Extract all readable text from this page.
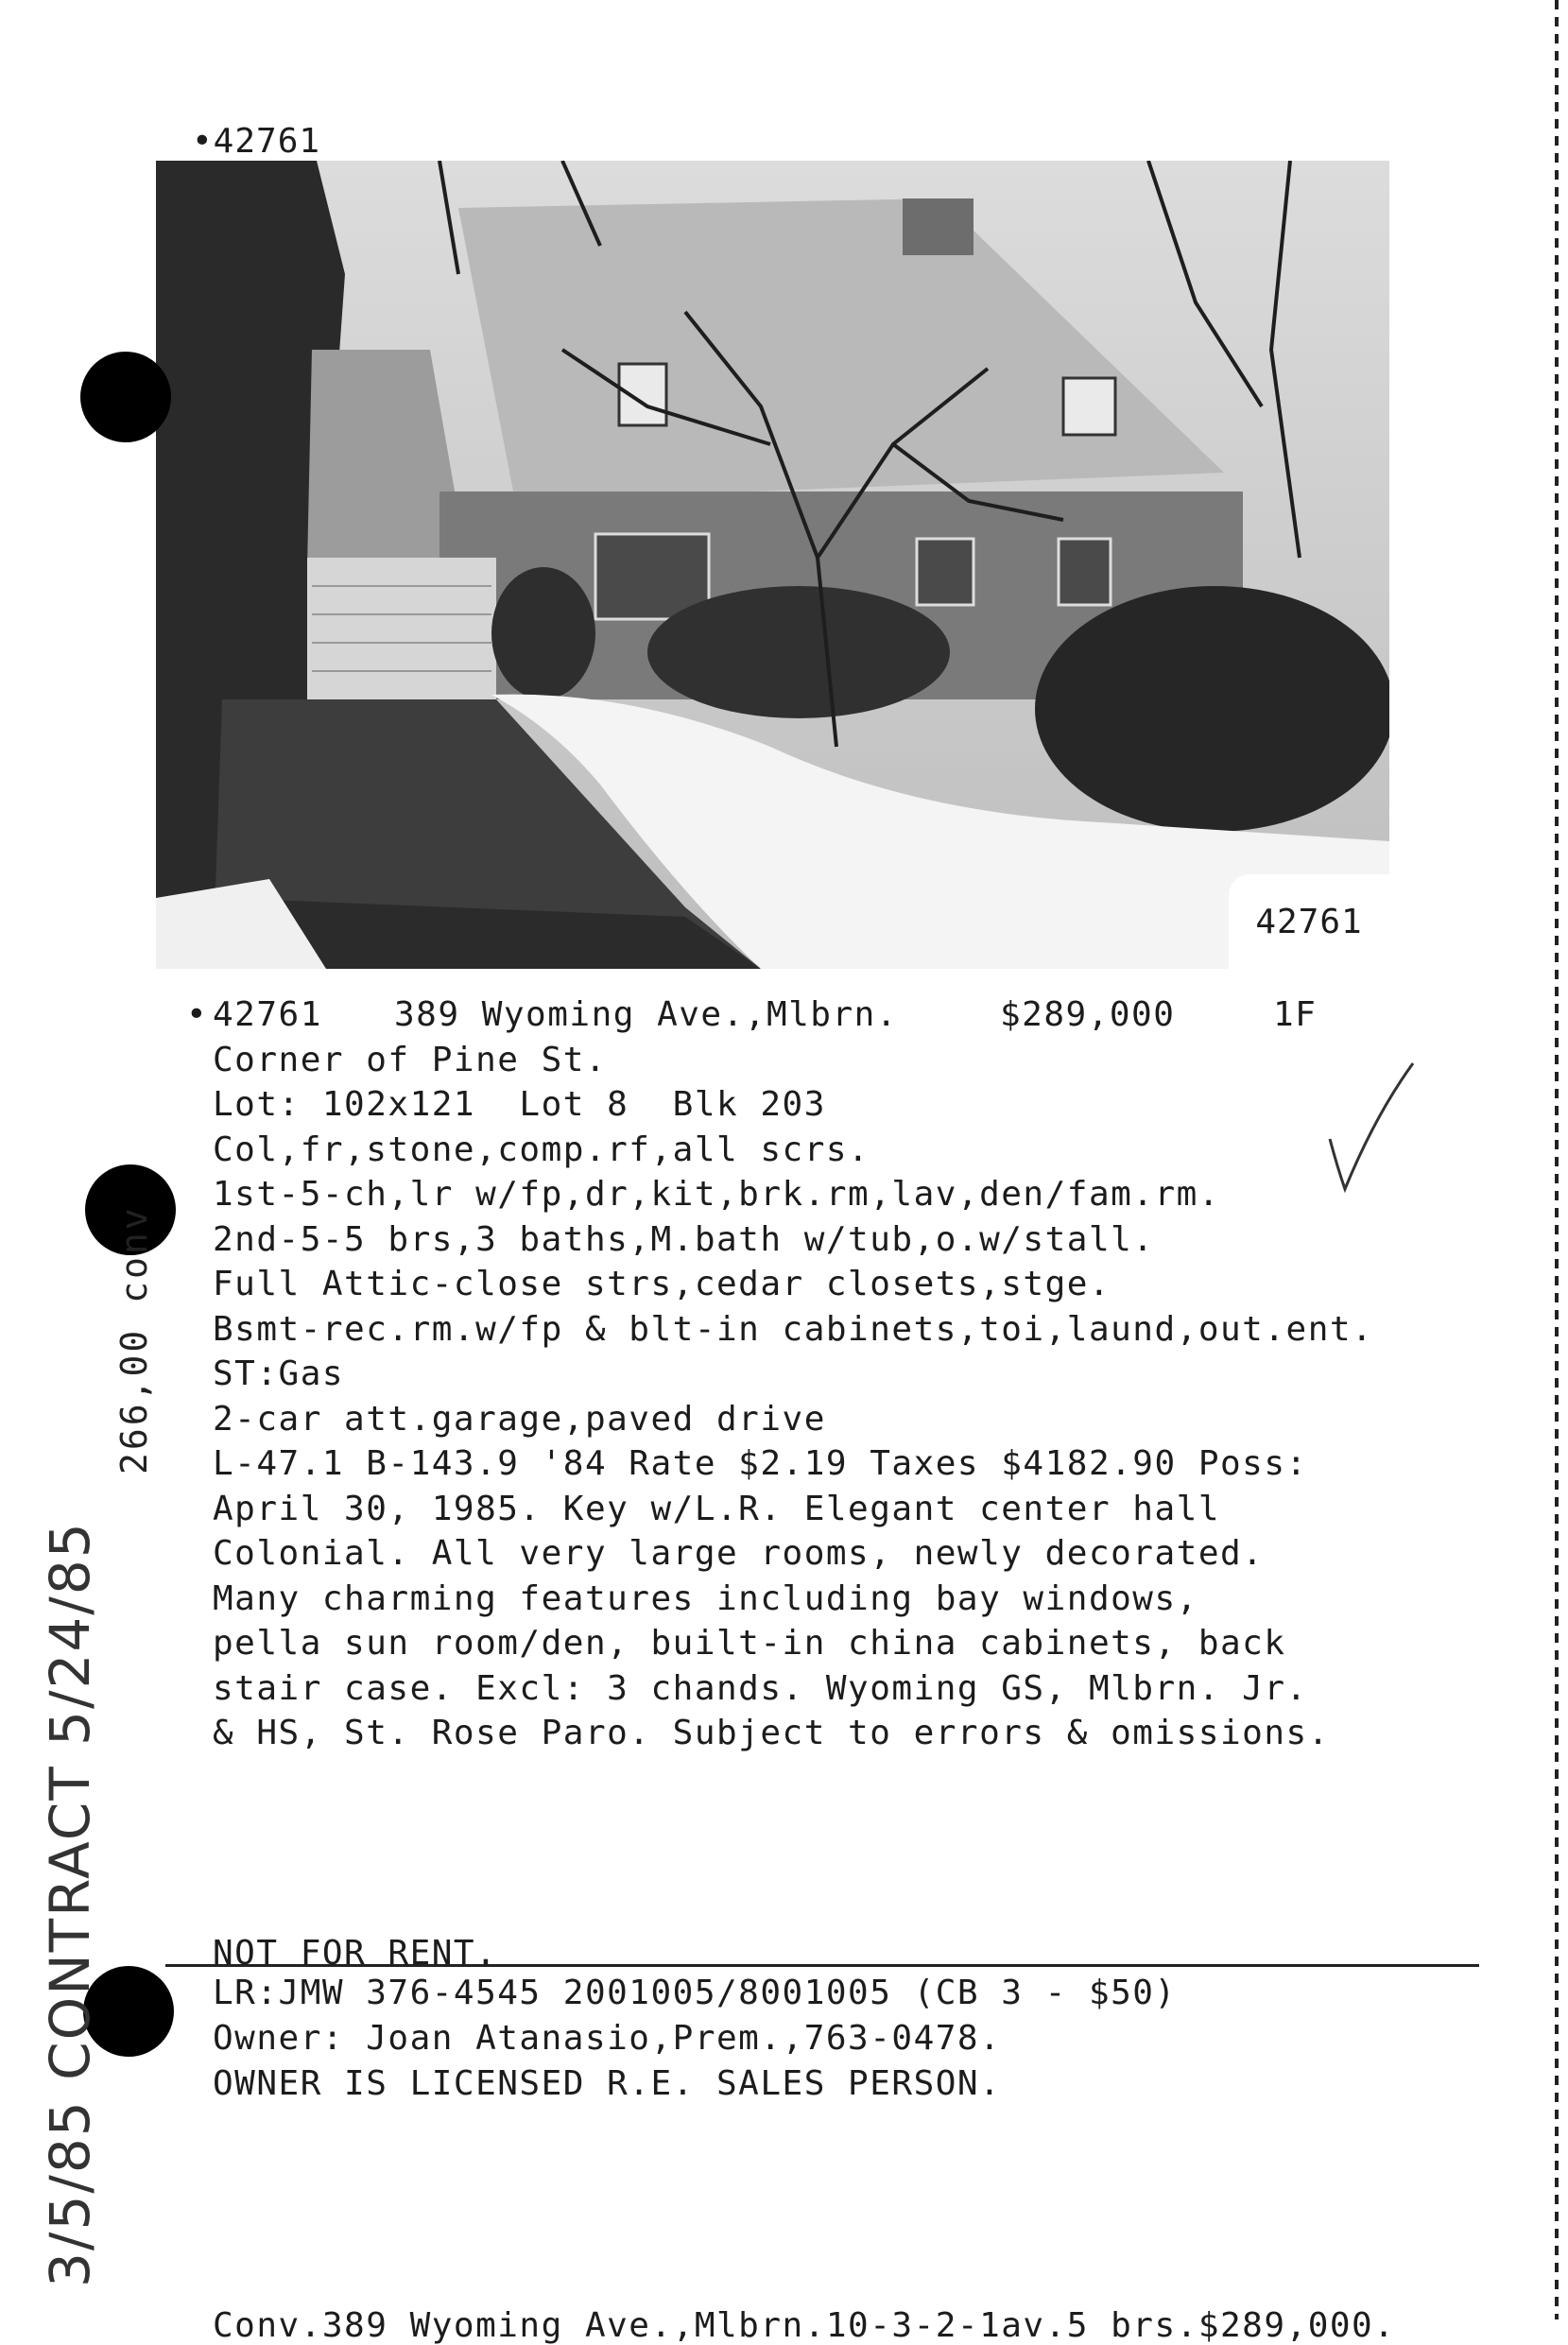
•42761

42761

•

42761

389 Wyoming Ave.,Mlbrn.

	$289,000

	1F

Corner of Pine St.
Lot: 102x121  Lot 8  Blk 203
Col,fr,stone,comp.rf,all scrs.
1st-5-ch,lr w/fp,dr,kit,brk.rm,lav,den/fam.rm.
2nd-5-5 brs,3 baths,M.bath w/tub,o.w/stall.
Full Attic-close strs,cedar closets,stge.
Bsmt-rec.rm.w/fp & blt-in cabinets,toi,laund,out.ent.
ST:Gas
2-car att.garage,paved drive
L-47.1 B-143.9 '84 Rate $2.19 Taxes $4182.90 Poss:
April 30, 1985. Key w/L.R. Elegant center hall
Colonial. All very large rooms, newly decorated.
Many charming features including bay windows,
pella sun room/den, built-in china cabinets, back
stair case. Excl: 3 chands. Wyoming GS, Mlbrn. Jr.
& HS, St. Rose Paro. Subject to errors & omissions.
NOT FOR RENT.
LR:JMW 376-4545 2001005/8001005 (CB 3 - $50)
Owner: Joan Atanasio,Prem.,763-0478.
OWNER IS LICENSED R.E. SALES PERSON.
Conv.389 Wyoming Ave.,Mlbrn.10-3-2-1av.5 brs.$289,000.
3/5/85 CONTRACT 5/24/85
266,00 conv
